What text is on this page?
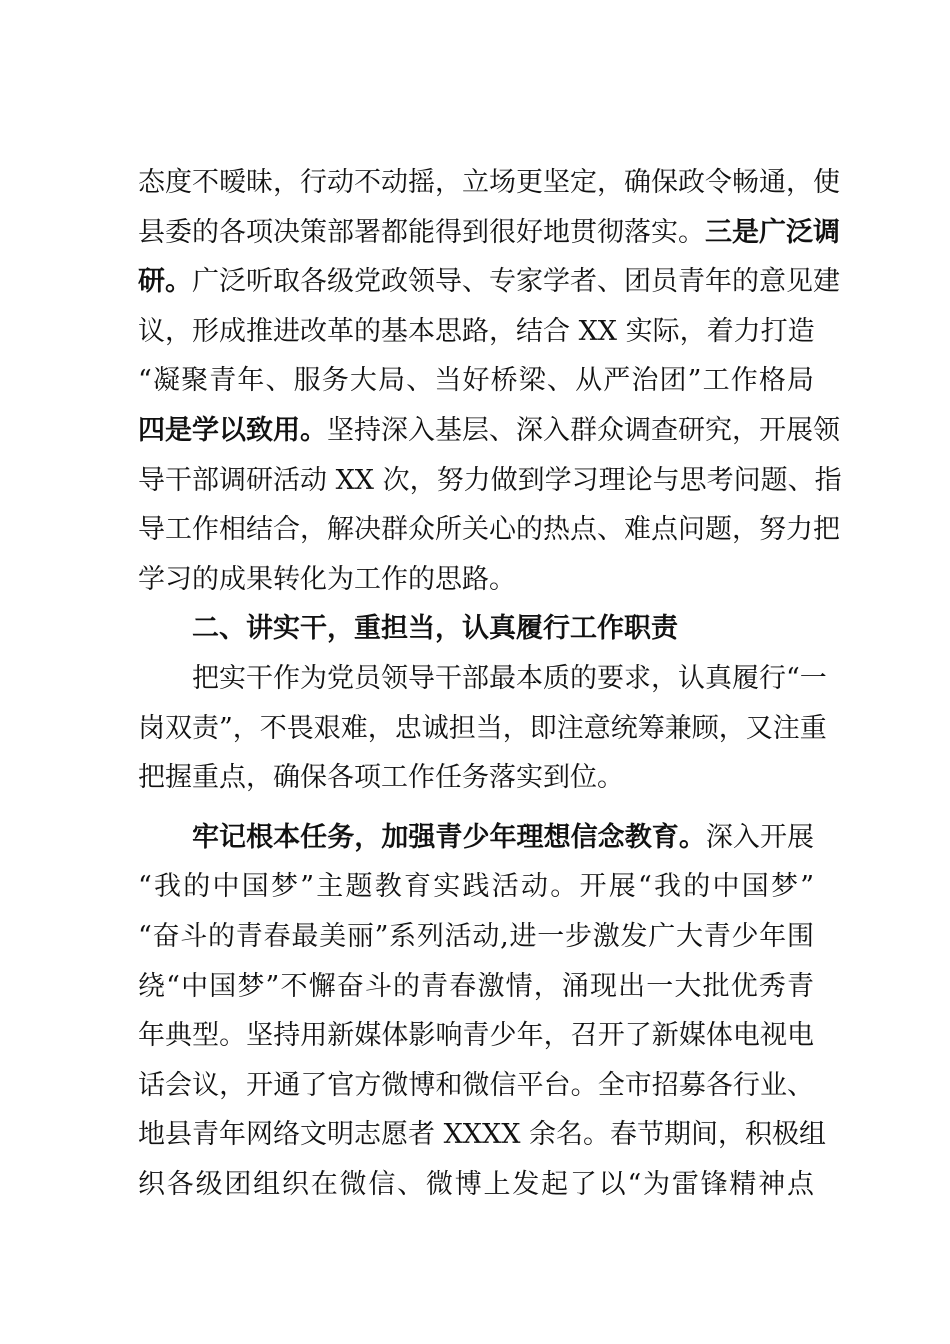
态度不暧昧，行动不动摇，立场更坚定，确保政令畅通，使
县委的各项决策部署都能得到很好地贯彻落实。三是广泛调
研。广泛听取各级党政领导、专家学者、团员青年的意见建
议，形成推进改革的基本思路，结合 XX 实际，着力打造
“凝聚青年、服务大局、当好桥梁、从严治团”工作格局
四是学以致用。坚持深入基层、深入群众调查研究，开展领
导干部调研活动 XX 次，努力做到学习理论与思考问题、指
导工作相结合，解决群众所关心的热点、难点问题，努力把
学习的成果转化为工作的思路。
二、讲实干，重担当，认真履行工作职责
把实干作为党员领导干部最本质的要求，认真履行“一
岗双责”，不畏艰难，忠诚担当，即注意统筹兼顾，又注重
把握重点，确保各项工作任务落实到位。
牢记根本任务，加强青少年理想信念教育。深入开展
“我的中国梦”主题教育实践活动。开展“我的中国梦”
“奋斗的青春最美丽”系列活动,进一步激发广大青少年围
绕“中国梦”不懈奋斗的青春激情，涌现出一大批优秀青
年典型。坚持用新媒体影响青少年，召开了新媒体电视电
话会议，开通了官方微博和微信平台。全市招募各行业、
地县青年网络文明志愿者 XXXX 余名。春节期间，积极组
织各级团组织在微信、微博上发起了以“为雷锋精神点
